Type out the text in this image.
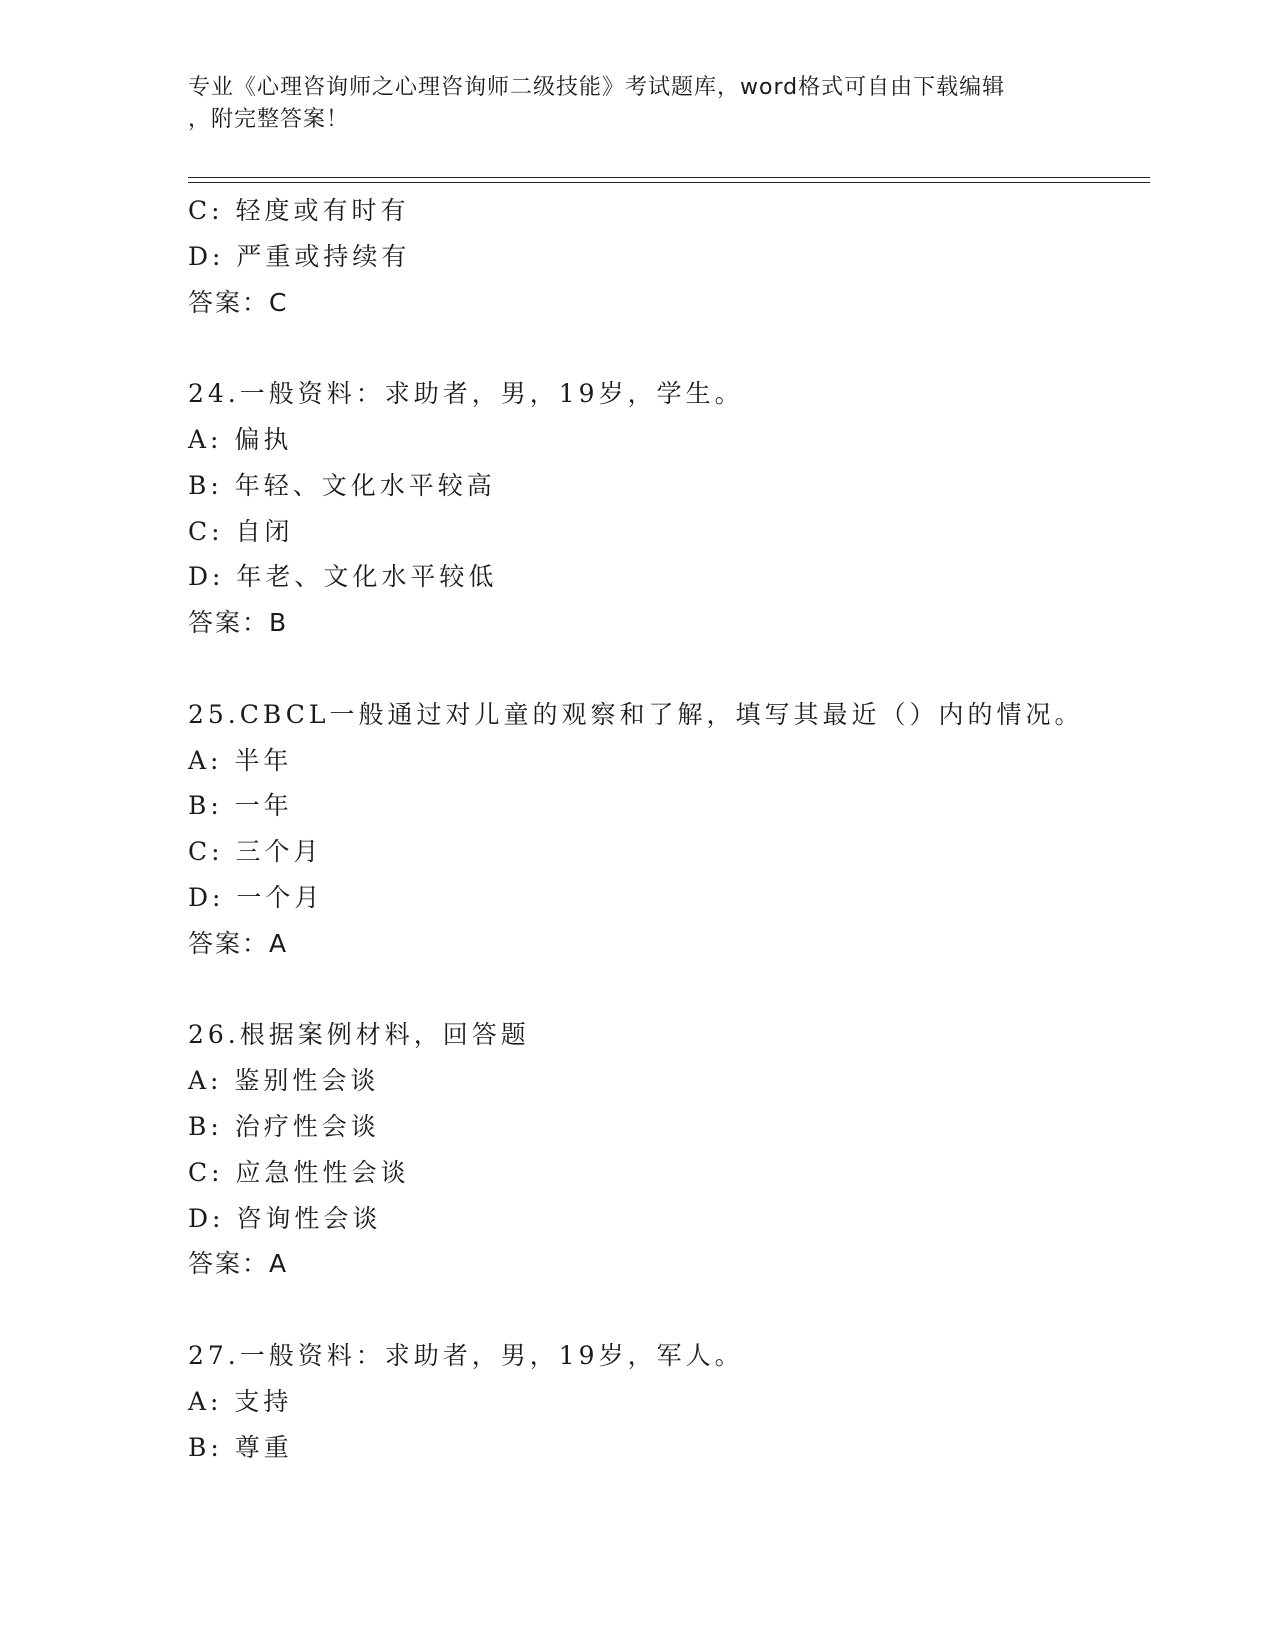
专业《心理咨询师之心理咨询师二级技能》考试题库，word格式可自由下载编辑
，附完整答案！
C: 轻度或有时有
D: 严重或持续有
答案：C
24.一般资料：求助者，男，19岁，学生。
A: 偏执
B: 年轻、文化水平较高
C: 自闭
D: 年老、文化水平较低
答案：B
25.CBCL一般通过对儿童的观察和了解，填写其最近（）内的情况。
A: 半年
B: 一年
C: 三个月
D: 一个月
答案：A
26.根据案例材料，回答题
A: 鉴别性会谈
B: 治疗性会谈
C: 应急性性会谈
D: 咨询性会谈
答案：A
27.一般资料：求助者，男，19岁，军人。
A: 支持
B: 尊重
